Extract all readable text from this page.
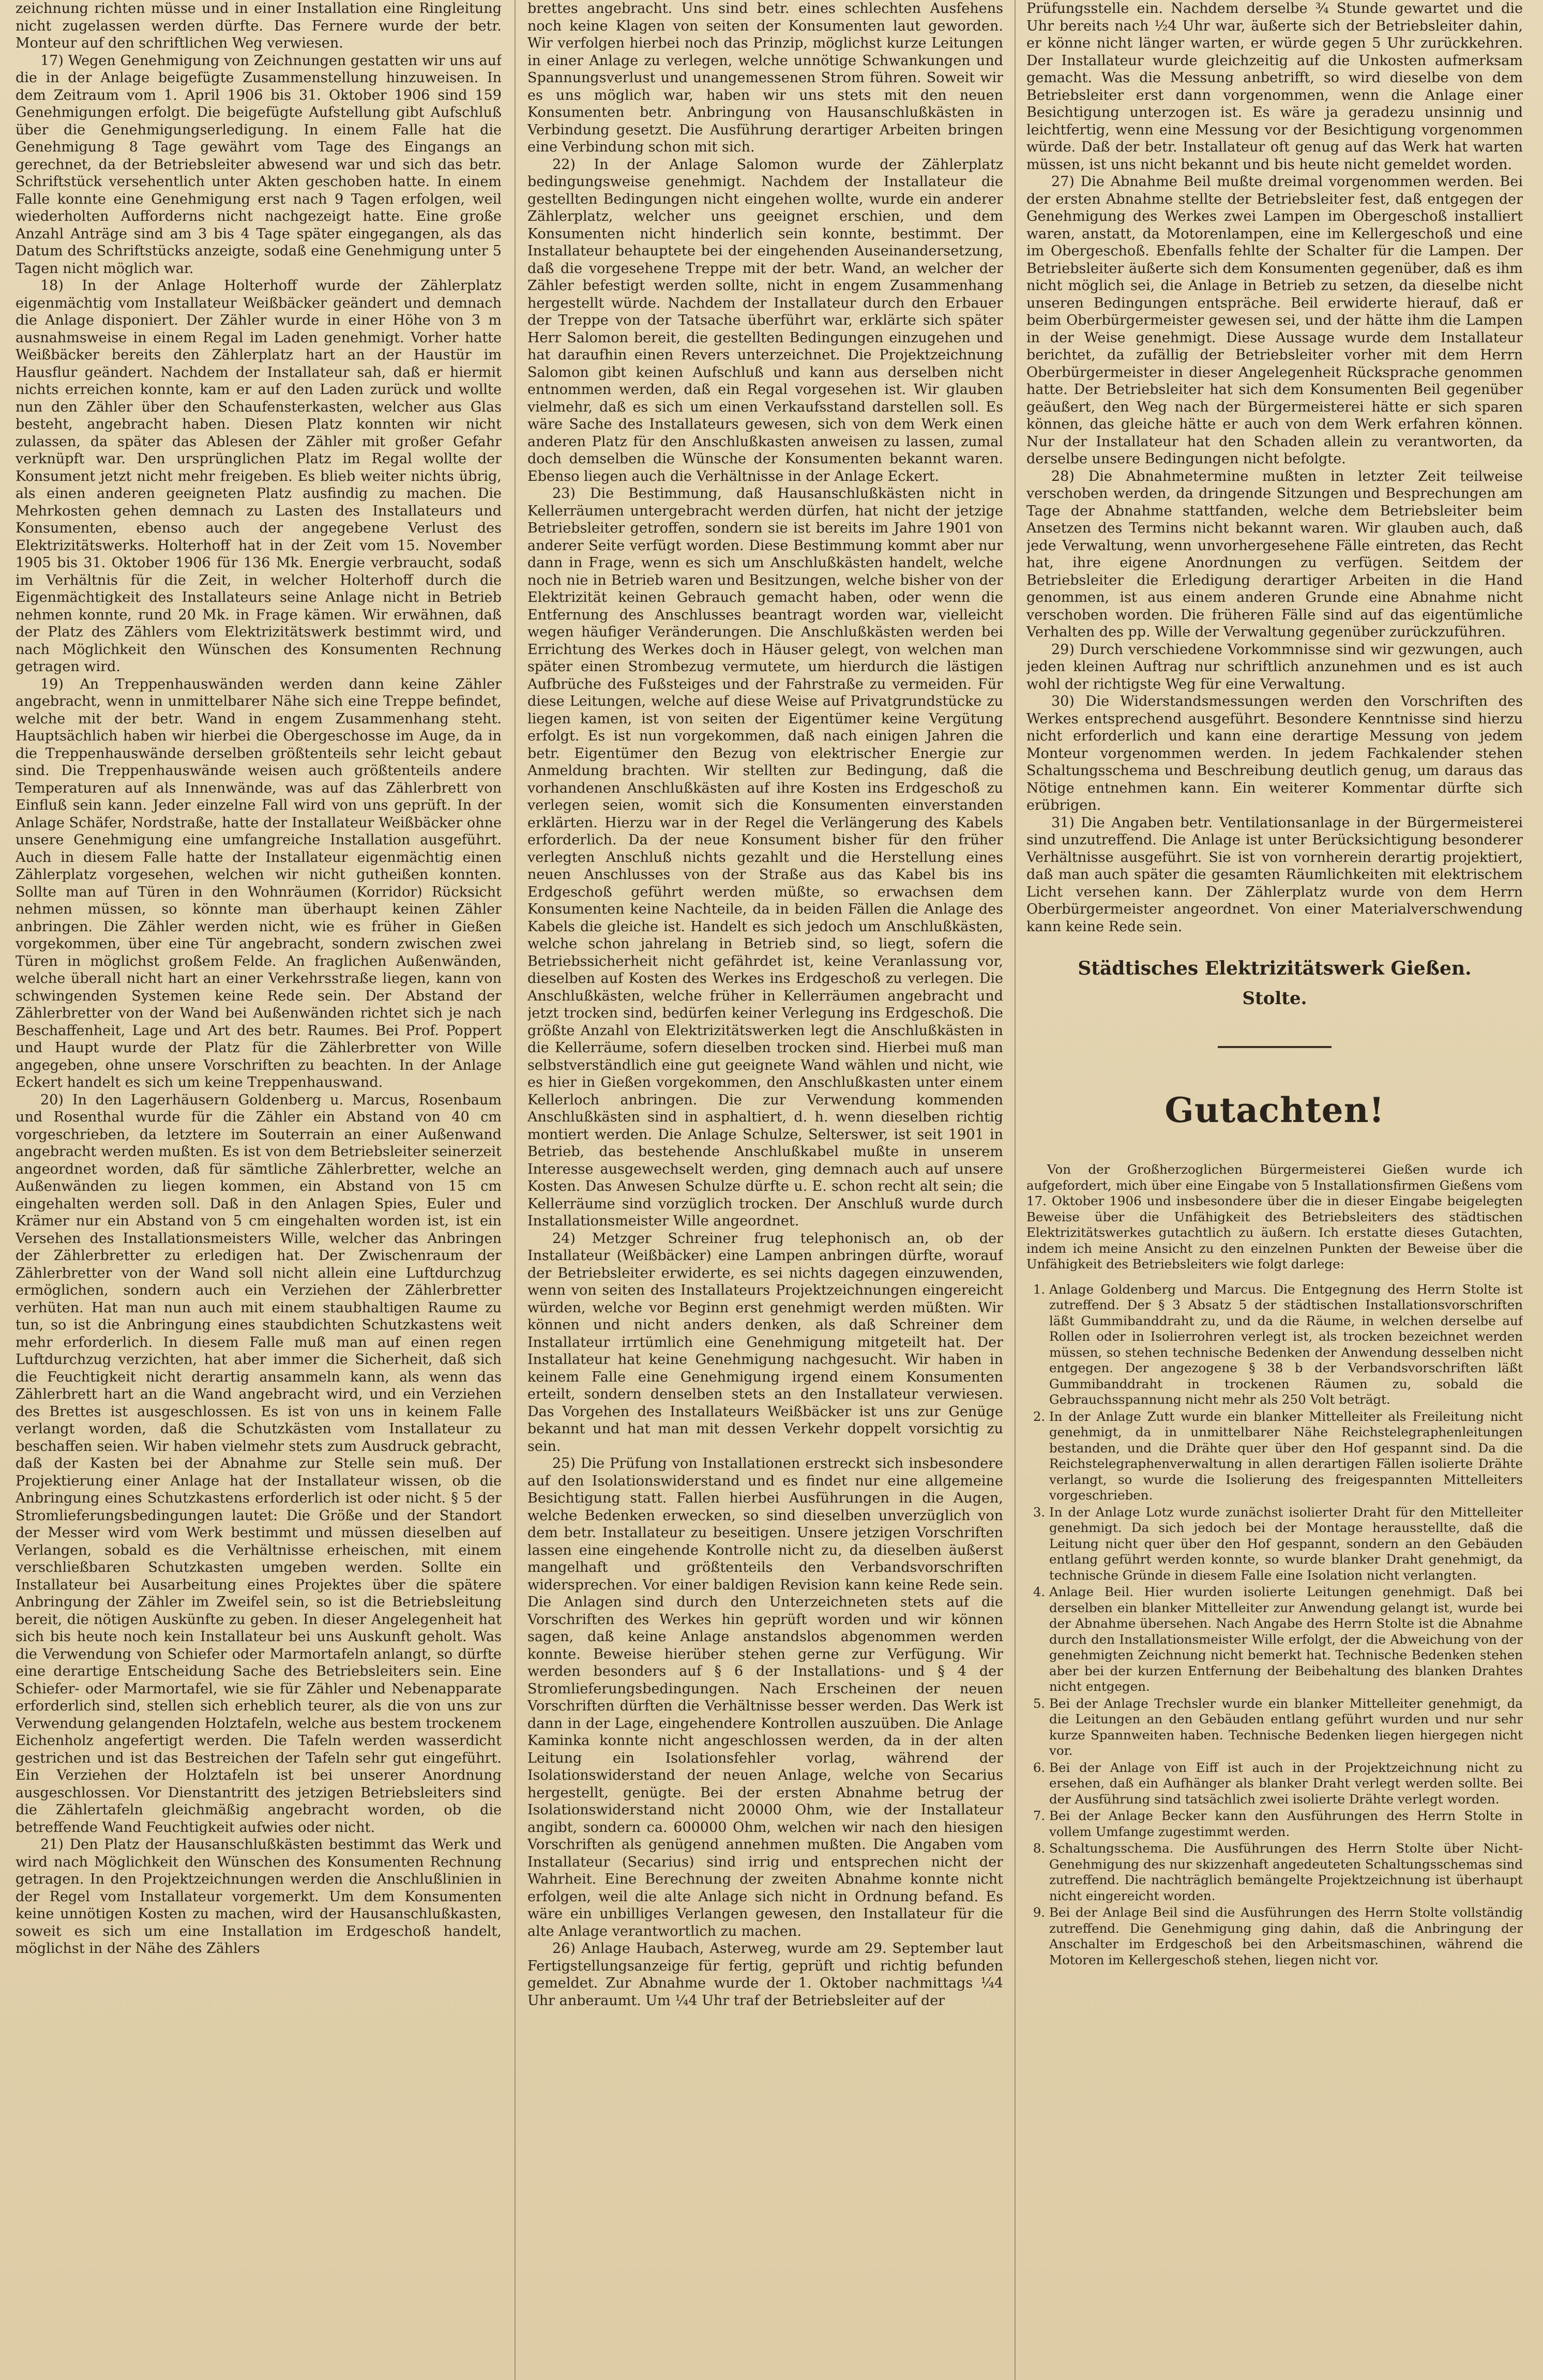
zeichnung richten müsse und in einer Installation eine Ringleitung nicht zugelassen werden dürfte. Das Fernere wurde der betr. Monteur auf den schriftlichen Weg verwiesen.

17) Wegen Genehmigung von Zeichnungen gestatten wir uns auf die in der Anlage beigefügte Zusammenstellung hinzuweisen. In dem Zeitraum vom 1. April 1906 bis 31. Oktober 1906 sind 159 Genehmigungen erfolgt. Die beigefügte Aufstellung gibt Aufschluß über die Genehmigungserledigung. In einem Falle hat die Genehmigung 8 Tage gewährt vom Tage des Eingangs an gerechnet, da der Betriebsleiter abwesend war und sich das betr. Schriftstück versehentlich unter Akten geschoben hatte. In einem Falle konnte eine Genehmigung erst nach 9 Tagen erfolgen, weil wiederholten Aufforderns nicht nachgezeigt hatte. Eine große Anzahl Anträge sind am 3 bis 4 Tage später eingegangen, als das Datum des Schriftstücks anzeigte, sodaß eine Genehmigung unter 5 Tagen nicht möglich war.

18) In der Anlage Holterhoff wurde der Zählerplatz eigenmächtig vom Installateur Weißbäcker geändert und demnach die Anlage disponiert. Der Zähler wurde in einer Höhe von 3 m ausnahmsweise in einem Regal im Laden genehmigt. Vorher hatte Weißbäcker bereits den Zählerplatz hart an der Haustür im Hausflur geändert. Nachdem der Installateur sah, daß er hiermit nichts erreichen konnte, kam er auf den Laden zurück und wollte nun den Zähler über den Schaufensterkasten, welcher aus Glas besteht, angebracht haben. Diesen Platz konnten wir nicht zulassen, da später das Ablesen der Zähler mit großer Gefahr verknüpft war. Den ursprünglichen Platz im Regal wollte der Konsument jetzt nicht mehr freigeben. Es blieb weiter nichts übrig, als einen anderen geeigneten Platz ausfindig zu machen. Die Mehrkosten gehen demnach zu Lasten des Installateurs und Konsumenten, ebenso auch der angegebene Verlust des Elektrizitätswerks. Holterhoff hat in der Zeit vom 15. November 1905 bis 31. Oktober 1906 für 136 Mk. Energie verbraucht, sodaß im Verhältnis für die Zeit, in welcher Holterhoff durch die Eigenmächtigkeit des Installateurs seine Anlage nicht in Betrieb nehmen konnte, rund 20 Mk. in Frage kämen. Wir erwähnen, daß der Platz des Zählers vom Elektrizitätswerk bestimmt wird, und nach Möglichkeit den Wünschen des Konsumenten Rechnung getragen wird.

19) An Treppenhauswänden werden dann keine Zähler angebracht, wenn in unmittelbarer Nähe sich eine Treppe befindet, welche mit der betr. Wand in engem Zusammenhang steht. Hauptsächlich haben wir hierbei die Obergeschosse im Auge, da in die Treppenhauswände derselben größtenteils sehr leicht gebaut sind. Die Treppenhauswände weisen auch größtenteils andere Temperaturen auf als Innenwände, was auf das Zählerbrett von Einfluß sein kann. Jeder einzelne Fall wird von uns geprüft. In der Anlage Schäfer, Nordstraße, hatte der Installateur Weißbäcker ohne unsere Genehmigung eine umfangreiche Installation ausgeführt. Auch in diesem Falle hatte der Installateur eigenmächtig einen Zählerplatz vorgesehen, welchen wir nicht gutheißen konnten. Sollte man auf Türen in den Wohnräumen (Korridor) Rücksicht nehmen müssen, so könnte man überhaupt keinen Zähler anbringen. Die Zähler werden nicht, wie es früher in Gießen vorgekommen, über eine Tür angebracht, sondern zwischen zwei Türen in möglichst großem Felde. An fraglichen Außenwänden, welche überall nicht hart an einer Verkehrsstraße liegen, kann von schwingenden Systemen keine Rede sein. Der Abstand der Zählerbretter von der Wand bei Außenwänden richtet sich je nach Beschaffenheit, Lage und Art des betr. Raumes. Bei Prof. Poppert und Haupt wurde der Platz für die Zählerbretter von Wille angegeben, ohne unsere Vorschriften zu beachten. In der Anlage Eckert handelt es sich um keine Treppenhauswand.

20) In den Lagerhäusern Goldenberg u. Marcus, Rosenbaum und Rosenthal wurde für die Zähler ein Abstand von 40 cm vorgeschrieben, da letztere im Souterrain an einer Außenwand angebracht werden mußten. Es ist von dem Betriebsleiter seinerzeit angeordnet worden, daß für sämtliche Zählerbretter, welche an Außenwänden zu liegen kommen, ein Abstand von 15 cm eingehalten werden soll. Daß in den Anlagen Spies, Euler und Krämer nur ein Abstand von 5 cm eingehalten worden ist, ist ein Versehen des Installationsmeisters Wille, welcher das Anbringen der Zählerbretter zu erledigen hat. Der Zwischenraum der Zählerbretter von der Wand soll nicht allein eine Luftdurchzug ermöglichen, sondern auch ein Verziehen der Zählerbretter verhüten. Hat man nun auch mit einem staubhaltigen Raume zu tun, so ist die Anbringung eines staubdichten Schutzkastens weit mehr erforderlich. In diesem Falle muß man auf einen regen Luftdurchzug verzichten, hat aber immer die Sicherheit, daß sich die Feuchtigkeit nicht derartig ansammeln kann, als wenn das Zählerbrett hart an die Wand angebracht wird, und ein Verziehen des Brettes ist ausgeschlossen. Es ist von uns in keinem Falle verlangt worden, daß die Schutzkästen vom Installateur zu beschaffen seien. Wir haben vielmehr stets zum Ausdruck gebracht, daß der Kasten bei der Abnahme zur Stelle sein muß. Der Projektierung einer Anlage hat der Installateur wissen, ob die Anbringung eines Schutzkastens erforderlich ist oder nicht. § 5 der Stromlieferungsbedingungen lautet: Die Größe und der Standort der Messer wird vom Werk bestimmt und müssen dieselben auf Verlangen, sobald es die Verhältnisse erheischen, mit einem verschließbaren Schutzkasten umgeben werden. Sollte ein Installateur bei Ausarbeitung eines Projektes über die spätere Anbringung der Zähler im Zweifel sein, so ist die Betriebsleitung bereit, die nötigen Auskünfte zu geben. In dieser Angelegenheit hat sich bis heute noch kein Installateur bei uns Auskunft geholt. Was die Verwendung von Schiefer oder Marmortafeln anlangt, so dürfte eine derartige Entscheidung Sache des Betriebsleiters sein. Eine Schiefer- oder Marmortafel, wie sie für Zähler und Nebenapparate erforderlich sind, stellen sich erheblich teurer, als die von uns zur Verwendung gelangenden Holztafeln, welche aus bestem trockenem Eichenholz angefertigt werden. Die Tafeln werden wasserdicht gestrichen und ist das Bestreichen der Tafeln sehr gut eingeführt. Ein Verziehen der Holztafeln ist bei unserer Anordnung ausgeschlossen. Vor Dienstantritt des jetzigen Betriebsleiters sind die Zählertafeln gleichmäßig angebracht worden, ob die betreffende Wand Feuchtigkeit aufwies oder nicht.

21) Den Platz der Hausanschlußkästen bestimmt das Werk und wird nach Möglichkeit den Wünschen des Konsumenten Rechnung getragen. In den Projektzeichnungen werden die Anschlußlinien in der Regel vom Installateur vorgemerkt. Um dem Konsumenten keine unnötigen Kosten zu machen, wird der Hausanschlußkasten, soweit es sich um eine Installation im Erdgeschoß handelt, möglichst in der Nähe des Zählers

brettes angebracht. Uns sind betr. eines schlechten Ausfehens noch keine Klagen von seiten der Konsumenten laut geworden. Wir verfolgen hierbei noch das Prinzip, möglichst kurze Leitungen in einer Anlage zu verlegen, welche unnötige Schwankungen und Spannungsverlust und unangemessenen Strom führen. Soweit wir es uns möglich war, haben wir uns stets mit den neuen Konsumenten betr. Anbringung von Hausanschlußkästen in Verbindung gesetzt. Die Ausführung derartiger Arbeiten bringen eine Verbindung schon mit sich.

22) In der Anlage Salomon wurde der Zählerplatz bedingungsweise genehmigt. Nachdem der Installateur die gestellten Bedingungen nicht eingehen wollte, wurde ein anderer Zählerplatz, welcher uns geeignet erschien, und dem Konsumenten nicht hinderlich sein konnte, bestimmt. Der Installateur behauptete bei der eingehenden Auseinandersetzung, daß die vorgesehene Treppe mit der betr. Wand, an welcher der Zähler befestigt werden sollte, nicht in engem Zusammenhang hergestellt würde. Nachdem der Installateur durch den Erbauer der Treppe von der Tatsache überführt war, erklärte sich später Herr Salomon bereit, die gestellten Bedingungen einzugehen und hat daraufhin einen Revers unterzeichnet. Die Projektzeichnung Salomon gibt keinen Aufschluß und kann aus derselben nicht entnommen werden, daß ein Regal vorgesehen ist. Wir glauben vielmehr, daß es sich um einen Verkaufsstand darstellen soll. Es wäre Sache des Installateurs gewesen, sich von dem Werk einen anderen Platz für den Anschlußkasten anweisen zu lassen, zumal doch demselben die Wünsche der Konsumenten bekannt waren. Ebenso liegen auch die Verhältnisse in der Anlage Eckert.

23) Die Bestimmung, daß Hausanschlußkästen nicht in Kellerräumen untergebracht werden dürfen, hat nicht der jetzige Betriebsleiter getroffen, sondern sie ist bereits im Jahre 1901 von anderer Seite verfügt worden. Diese Bestimmung kommt aber nur dann in Frage, wenn es sich um Anschlußkästen handelt, welche noch nie in Betrieb waren und Besitzungen, welche bisher von der Elektrizität keinen Gebrauch gemacht haben, oder wenn die Entfernung des Anschlusses beantragt worden war, vielleicht wegen häufiger Veränderungen. Die Anschlußkästen werden bei Errichtung des Werkes doch in Häuser gelegt, von welchen man später einen Strombezug vermutete, um hierdurch die lästigen Aufbrüche des Fußsteiges und der Fahrstraße zu vermeiden. Für diese Leitungen, welche auf diese Weise auf Privatgrundstücke zu liegen kamen, ist von seiten der Eigentümer keine Vergütung erfolgt. Es ist nun vorgekommen, daß nach einigen Jahren die betr. Eigentümer den Bezug von elektrischer Energie zur Anmeldung brachten. Wir stellten zur Bedingung, daß die vorhandenen Anschlußkästen auf ihre Kosten ins Erdgeschoß zu verlegen seien, womit sich die Konsumenten einverstanden erklärten. Hierzu war in der Regel die Verlängerung des Kabels erforderlich. Da der neue Konsument bisher für den früher verlegten Anschluß nichts gezahlt und die Herstellung eines neuen Anschlusses von der Straße aus das Kabel bis ins Erdgeschoß geführt werden müßte, so erwachsen dem Konsumenten keine Nachteile, da in beiden Fällen die Anlage des Kabels die gleiche ist. Handelt es sich jedoch um Anschlußkästen, welche schon jahrelang in Betrieb sind, so liegt, sofern die Betriebssicherheit nicht gefährdet ist, keine Veranlassung vor, dieselben auf Kosten des Werkes ins Erdgeschoß zu verlegen. Die Anschlußkästen, welche früher in Kellerräumen angebracht und jetzt trocken sind, bedürfen keiner Verlegung ins Erdgeschoß. Die größte Anzahl von Elektrizitätswerken legt die Anschlußkästen in die Kellerräume, sofern dieselben trocken sind. Hierbei muß man selbstverständlich eine gut geeignete Wand wählen und nicht, wie es hier in Gießen vorgekommen, den Anschlußkasten unter einem Kellerloch anbringen. Die zur Verwendung kommenden Anschlußkästen sind in asphaltiert, d. h. wenn dieselben richtig montiert werden. Die Anlage Schulze, Selterswer, ist seit 1901 in Betrieb, das bestehende Anschlußkabel mußte in unserem Interesse ausgewechselt werden, ging demnach auch auf unsere Kosten. Das Anwesen Schulze dürfte u. E. schon recht alt sein; die Kellerräume sind vorzüglich trocken. Der Anschluß wurde durch Installationsmeister Wille angeordnet.

24) Metzger Schreiner frug telephonisch an, ob der Installateur (Weißbäcker) eine Lampen anbringen dürfte, worauf der Betriebsleiter erwiderte, es sei nichts dagegen einzuwenden, wenn von seiten des Installateurs Projektzeichnungen eingereicht würden, welche vor Beginn erst genehmigt werden müßten. Wir können und nicht anders denken, als daß Schreiner dem Installateur irrtümlich eine Genehmigung mitgeteilt hat. Der Installateur hat keine Genehmigung nachgesucht. Wir haben in keinem Falle eine Genehmigung irgend einem Konsumenten erteilt, sondern denselben stets an den Installateur verwiesen. Das Vorgehen des Installateurs Weißbäcker ist uns zur Genüge bekannt und hat man mit dessen Verkehr doppelt vorsichtig zu sein.

25) Die Prüfung von Installationen erstreckt sich insbesondere auf den Isolationswiderstand und es findet nur eine allgemeine Besichtigung statt. Fallen hierbei Ausführungen in die Augen, welche Bedenken erwecken, so sind dieselben unverzüglich von dem betr. Installateur zu beseitigen. Unsere jetzigen Vorschriften lassen eine eingehende Kontrolle nicht zu, da dieselben äußerst mangelhaft und größtenteils den Verbandsvorschriften widersprechen. Vor einer baldigen Revision kann keine Rede sein. Die Anlagen sind durch den Unterzeichneten stets auf die Vorschriften des Werkes hin geprüft worden und wir können sagen, daß keine Anlage anstandslos abgenommen werden konnte. Beweise hierüber stehen gerne zur Verfügung. Wir werden besonders auf § 6 der Installations- und § 4 der Stromlieferungsbedingungen. Nach Erscheinen der neuen Vorschriften dürften die Verhältnisse besser werden. Das Werk ist dann in der Lage, eingehendere Kontrollen auszuüben. Die Anlage Kaminka konnte nicht angeschlossen werden, da in der alten Leitung ein Isolationsfehler vorlag, während der Isolationswiderstand der neuen Anlage, welche von Secarius hergestellt, genügte. Bei der ersten Abnahme betrug der Isolationswiderstand nicht 20000 Ohm, wie der Installateur angibt, sondern ca. 600000 Ohm, welchen wir nach den hiesigen Vorschriften als genügend annehmen mußten. Die Angaben vom Installateur (Secarius) sind irrig und entsprechen nicht der Wahrheit. Eine Berechnung der zweiten Abnahme konnte nicht erfolgen, weil die alte Anlage sich nicht in Ordnung befand. Es wäre ein unbilliges Verlangen gewesen, den Installateur für die alte Anlage verantwortlich zu machen.

26) Anlage Haubach, Asterweg, wurde am 29. September laut Fertigstellungsanzeige für fertig, geprüft und richtig befunden gemeldet. Zur Abnahme wurde der 1. Oktober nachmittags ¼4 Uhr anberaumt. Um ¼4 Uhr traf der Betriebsleiter auf der

Prüfungsstelle ein. Nachdem derselbe ¾ Stunde gewartet und die Uhr bereits nach ½4 Uhr war, äußerte sich der Betriebsleiter dahin, er könne nicht länger warten, er würde gegen 5 Uhr zurückkehren. Der Installateur wurde gleichzeitig auf die Unkosten aufmerksam gemacht. Was die Messung anbetrifft, so wird dieselbe von dem Betriebsleiter erst dann vorgenommen, wenn die Anlage einer Besichtigung unterzogen ist. Es wäre ja geradezu unsinnig und leichtfertig, wenn eine Messung vor der Besichtigung vorgenommen würde. Daß der betr. Installateur oft genug auf das Werk hat warten müssen, ist uns nicht bekannt und bis heute nicht gemeldet worden.

27) Die Abnahme Beil mußte dreimal vorgenommen werden. Bei der ersten Abnahme stellte der Betriebsleiter fest, daß entgegen der Genehmigung des Werkes zwei Lampen im Obergeschoß installiert waren, anstatt, da Motorenlampen, eine im Kellergeschoß und eine im Obergeschoß. Ebenfalls fehlte der Schalter für die Lampen. Der Betriebsleiter äußerte sich dem Konsumenten gegenüber, daß es ihm nicht möglich sei, die Anlage in Betrieb zu setzen, da dieselbe nicht unseren Bedingungen entspräche. Beil erwiderte hierauf, daß er beim Oberbürgermeister gewesen sei, und der hätte ihm die Lampen in der Weise genehmigt. Diese Aussage wurde dem Installateur berichtet, da zufällig der Betriebsleiter vorher mit dem Herrn Oberbürgermeister in dieser Angelegenheit Rücksprache genommen hatte. Der Betriebsleiter hat sich dem Konsumenten Beil gegenüber geäußert, den Weg nach der Bürgermeisterei hätte er sich sparen können, das gleiche hätte er auch von dem Werk erfahren können. Nur der Installateur hat den Schaden allein zu verantworten, da derselbe unsere Bedingungen nicht befolgte.

28) Die Abnahmetermine mußten in letzter Zeit teilweise verschoben werden, da dringende Sitzungen und Besprechungen am Tage der Abnahme stattfanden, welche dem Betriebsleiter beim Ansetzen des Termins nicht bekannt waren. Wir glauben auch, daß jede Verwaltung, wenn unvorhergesehene Fälle eintreten, das Recht hat, ihre eigene Anordnungen zu verfügen. Seitdem der Betriebsleiter die Erledigung derartiger Arbeiten in die Hand genommen, ist aus einem anderen Grunde eine Abnahme nicht verschoben worden. Die früheren Fälle sind auf das eigentümliche Verhalten des pp. Wille der Verwaltung gegenüber zurückzuführen.

29) Durch verschiedene Vorkommnisse sind wir gezwungen, auch jeden kleinen Auftrag nur schriftlich anzunehmen und es ist auch wohl der richtigste Weg für eine Verwaltung.

30) Die Widerstandsmessungen werden den Vorschriften des Werkes entsprechend ausgeführt. Besondere Kenntnisse sind hierzu nicht erforderlich und kann eine derartige Messung von jedem Monteur vorgenommen werden. In jedem Fachkalender stehen Schaltungsschema und Beschreibung deutlich genug, um daraus das Nötige entnehmen kann. Ein weiterer Kommentar dürfte sich erübrigen.

31) Die Angaben betr. Ventilationsanlage in der Bürgermeisterei sind unzutreffend. Die Anlage ist unter Berücksichtigung besonderer Verhältnisse ausgeführt. Sie ist von vornherein derartig projektiert, daß man auch später die gesamten Räumlichkeiten mit elektrischem Licht versehen kann. Der Zählerplatz wurde von dem Herrn Oberbürgermeister angeordnet. Von einer Materialverschwendung kann keine Rede sein.

Städtisches Elektrizitätswerk Gießen.

Stolte.

Gutachten!

Von der Großherzoglichen Bürgermeisterei Gießen wurde ich aufgefordert, mich über eine Eingabe von 5 Installationsfirmen Gießens vom 17. Oktober 1906 und insbesondere über die in dieser Eingabe beigelegten Beweise über die Unfähigkeit des Betriebsleiters des städtischen Elektrizitätswerkes gutachtlich zu äußern. Ich erstatte dieses Gutachten, indem ich meine Ansicht zu den einzelnen Punkten der Beweise über die Unfähigkeit des Betriebsleiters wie folgt darlege:

1. Anlage Goldenberg und Marcus. Die Entgegnung des Herrn Stolte ist zutreffend. Der § 3 Absatz 5 der städtischen Installationsvorschriften läßt Gummibanddraht zu, und da die Räume, in welchen derselbe auf Rollen oder in Isolierrohren verlegt ist, als trocken bezeichnet werden müssen, so stehen technische Bedenken der Anwendung desselben nicht entgegen. Der angezogene § 38 b der Verbandsvorschriften läßt Gummibanddraht in trockenen Räumen zu, sobald die Gebrauchsspannung nicht mehr als 250 Volt beträgt.
2. In der Anlage Zutt wurde ein blanker Mittelleiter als Freileitung nicht genehmigt, da in unmittelbarer Nähe Reichstelegraphenleitungen bestanden, und die Drähte quer über den Hof gespannt sind. Da die Reichstelegraphenverwaltung in allen derartigen Fällen isolierte Drähte verlangt, so wurde die Isolierung des freigespannten Mittelleiters vorgeschrieben.
3. In der Anlage Lotz wurde zunächst isolierter Draht für den Mittelleiter genehmigt. Da sich jedoch bei der Montage herausstellte, daß die Leitung nicht quer über den Hof gespannt, sondern an den Gebäuden entlang geführt werden konnte, so wurde blanker Draht genehmigt, da technische Gründe in diesem Falle eine Isolation nicht verlangten.
4. Anlage Beil. Hier wurden isolierte Leitungen genehmigt. Daß bei derselben ein blanker Mittelleiter zur Anwendung gelangt ist, wurde bei der Abnahme übersehen. Nach Angabe des Herrn Stolte ist die Abnahme durch den Installationsmeister Wille erfolgt, der die Abweichung von der genehmigten Zeichnung nicht bemerkt hat. Technische Bedenken stehen aber bei der kurzen Entfernung der Beibehaltung des blanken Drahtes nicht entgegen.
5. Bei der Anlage Trechsler wurde ein blanker Mittelleiter genehmigt, da die Leitungen an den Gebäuden entlang geführt wurden und nur sehr kurze Spannweiten haben. Technische Bedenken liegen hiergegen nicht vor.
6. Bei der Anlage von Eiff ist auch in der Projektzeichnung nicht zu ersehen, daß ein Aufhänger als blanker Draht verlegt werden sollte. Bei der Ausführung sind tatsächlich zwei isolierte Drähte verlegt worden.
7. Bei der Anlage Becker kann den Ausführungen des Herrn Stolte in vollem Umfange zugestimmt werden.
8. Schaltungsschema. Die Ausführungen des Herrn Stolte über Nicht-Genehmigung des nur skizzenhaft angedeuteten Schaltungsschemas sind zutreffend. Die nachträglich bemängelte Projektzeichnung ist überhaupt nicht eingereicht worden.
9. Bei der Anlage Beil sind die Ausführungen des Herrn Stolte vollständig zutreffend. Die Genehmigung ging dahin, daß die Anbringung der Anschalter im Erdgeschoß bei den Arbeitsmaschinen, während die Motoren im Kellergeschoß stehen, liegen nicht vor.
